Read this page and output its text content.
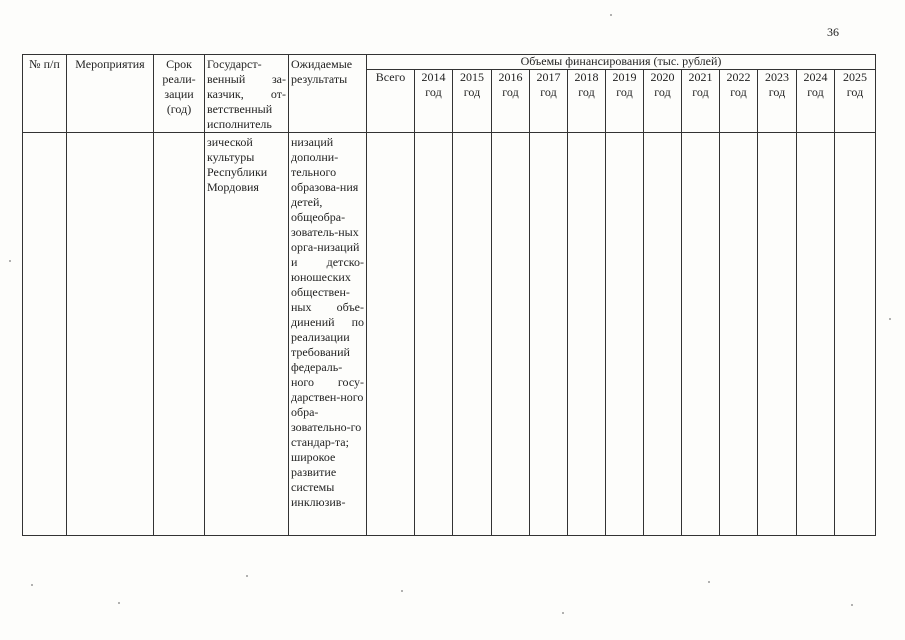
36
№ п/п	Мероприятия	Срок реали-зации (год)	Государст-венный за-казчик, от-ветственный исполнитель	Ожидаемые результаты	Объемы финансирования (тыс. рублей)												
					Всего	2014 год	2015 год	2016 год	2017 год	2018 год	2019 год	2020 год	2021 год	2022 год	2023 год	2024 год	2025 год
			зической культуры Республики Мордовия	низаций дополни-тельного образова-ния детей, общеобра-зователь-ных орга-низаций и детско-юношеских обществен-ных объе-динений по реализации требований федераль-ного госу-дарствен-ного обра-зовательно-го стандар-та; широкое развитие системы инклюзив-													
